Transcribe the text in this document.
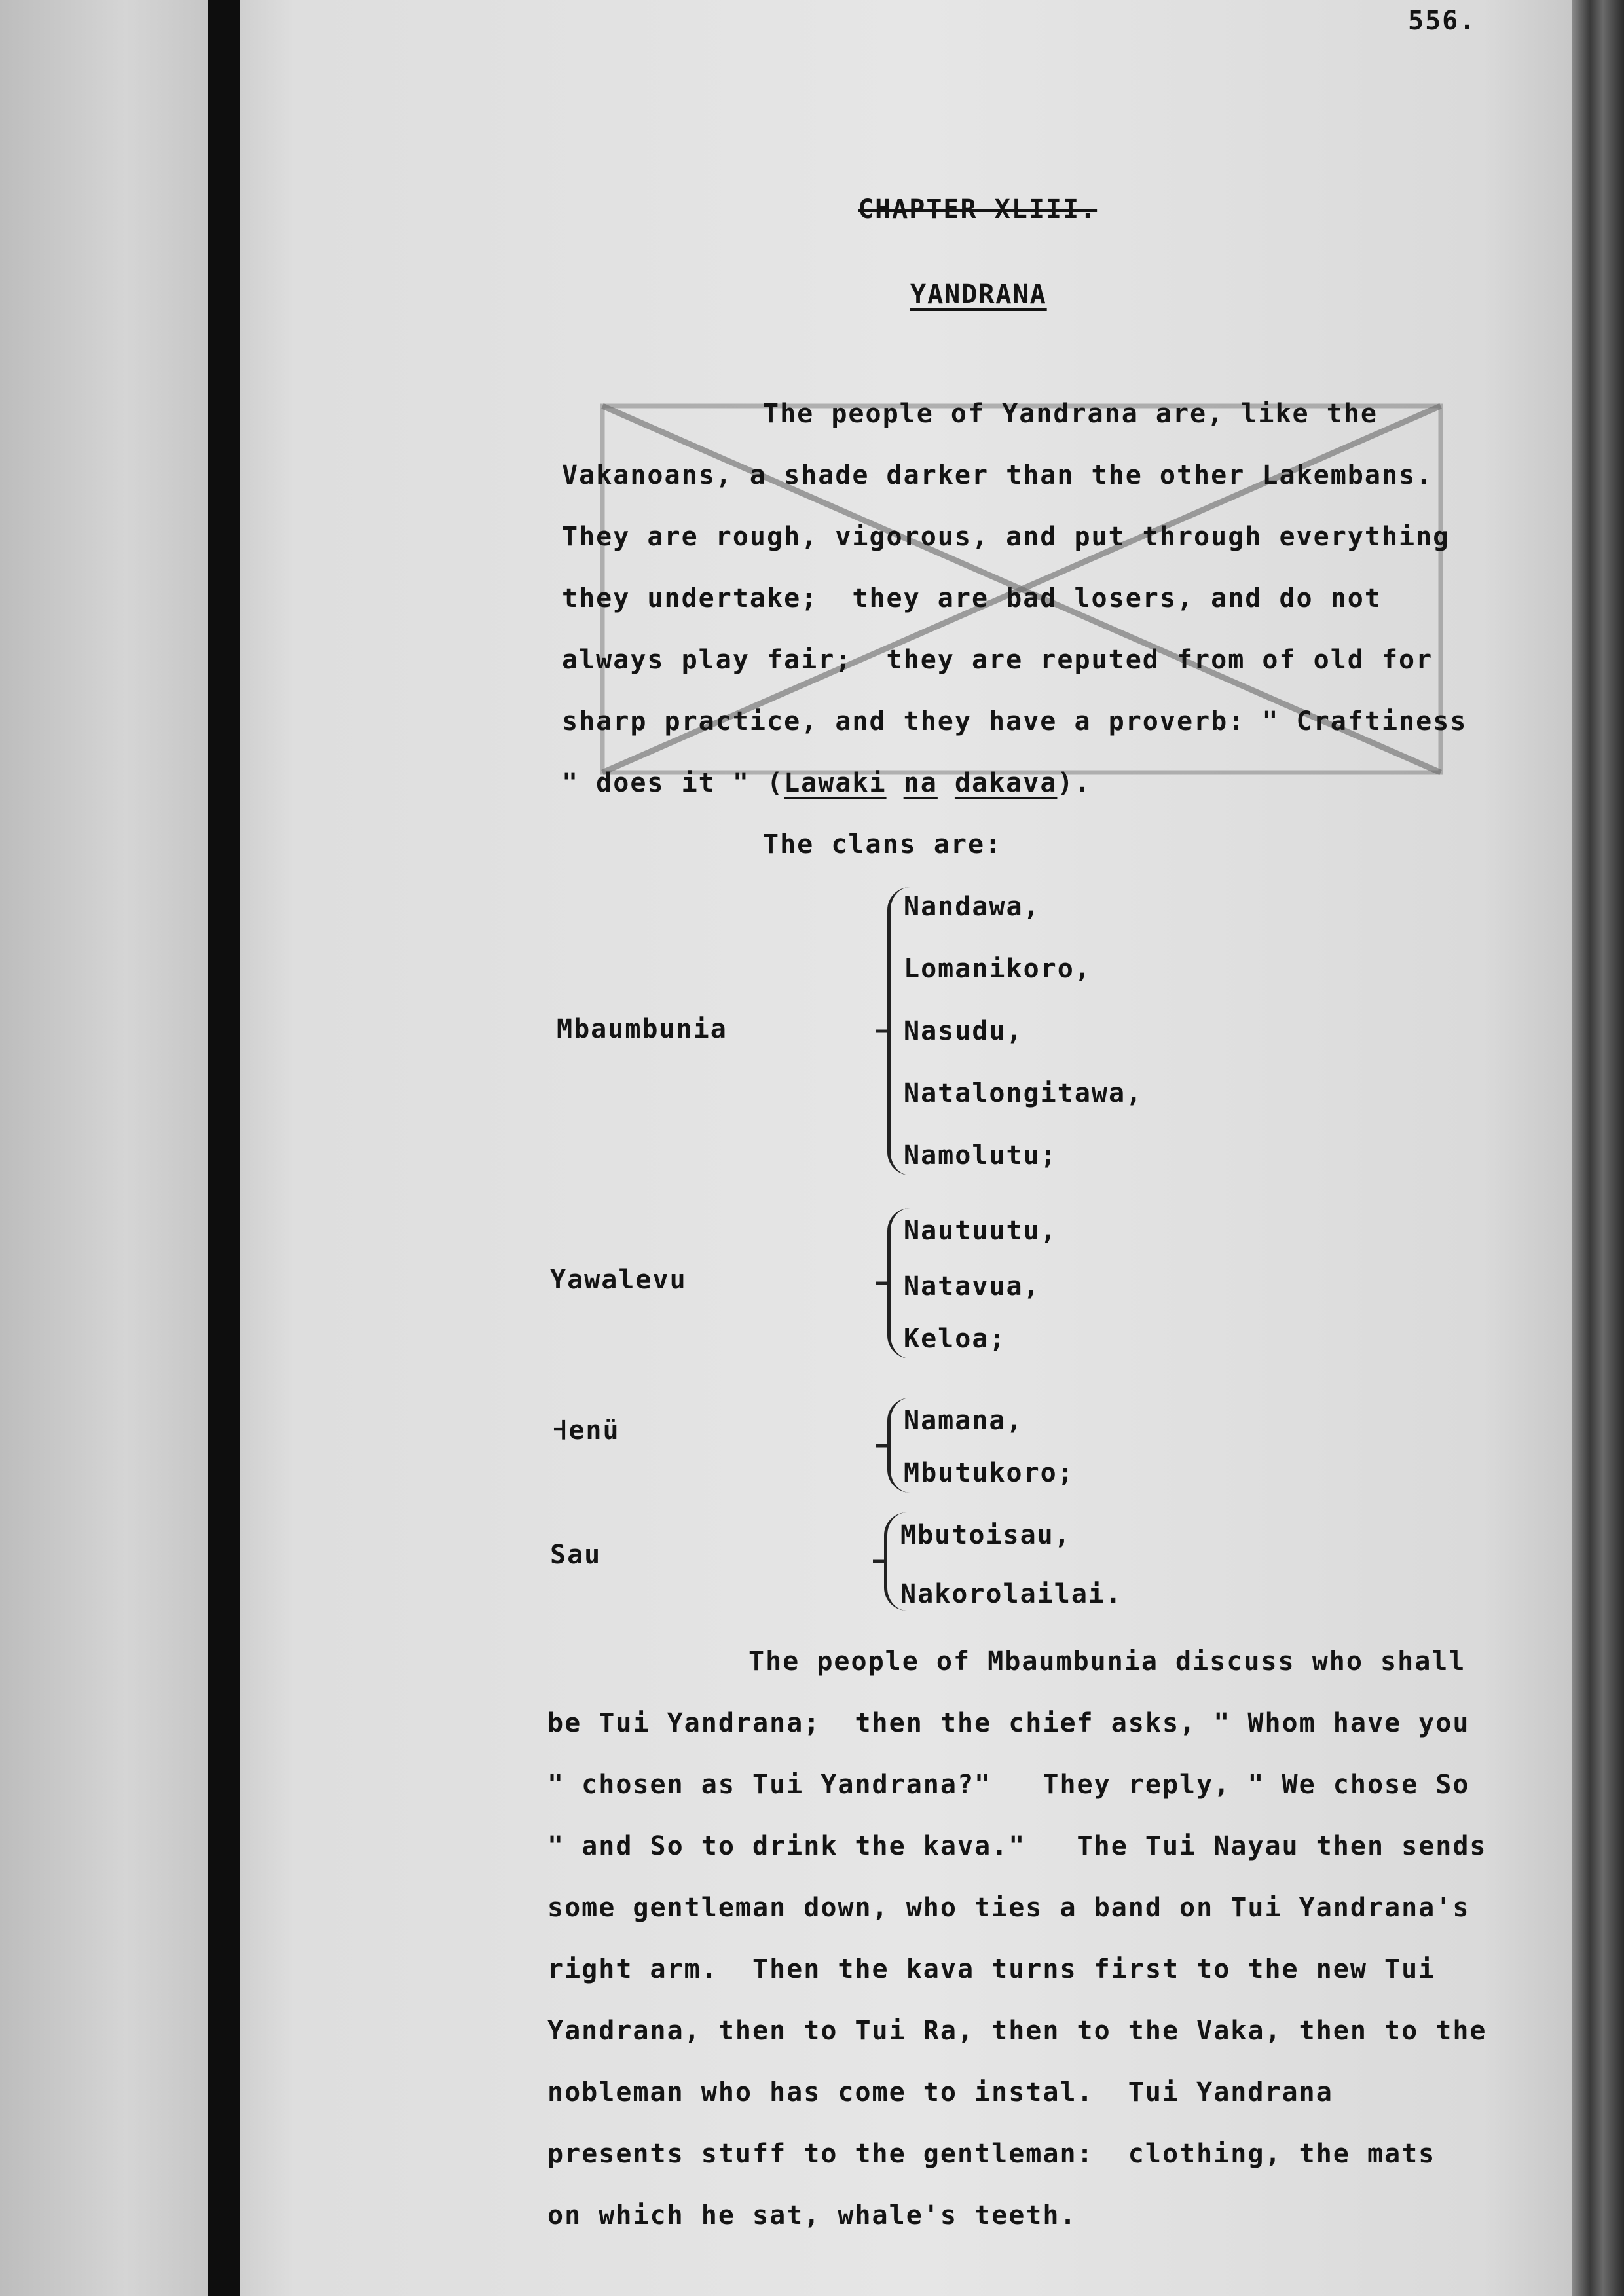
556.
CHAPTER XLIII.
YANDRANA
The people of Yandrana are, like the
Vakanoans, a shade darker than the other Lakembans.
They are rough, vigorous, and put through everything
they undertake;  they are bad losers, and do not
always play fair;  they are reputed from of old for
sharp practice, and they have a proverb: " Craftiness
" does it " (Lawaki na dakava).
The clans are:
Mbaumbunia
Nandawa,
Lomanikoro,
Nasudu,
Natalongitawa,
Namolutu;
Yawalevu
Nautuutu,
Natavua,
Keloa;
Ꟶenü	Namana,
Mbutukoro;
Sau
Mbutoisau,
Nakorolailai.
The people of Mbaumbunia discuss who shall
be Tui Yandrana;  then the chief asks, " Whom have you
" chosen as Tui Yandrana?"   They reply, " We chose So
" and So to drink the kava."   The Tui Nayau then sends
some gentleman down, who ties a band on Tui Yandrana's
right arm.  Then the kava turns first to the new Tui
Yandrana, then to Tui Ra, then to the Vaka, then to the
nobleman who has come to instal.  Tui Yandrana
presents stuff to the gentleman:  clothing, the mats
on which he sat, whale's teeth.
